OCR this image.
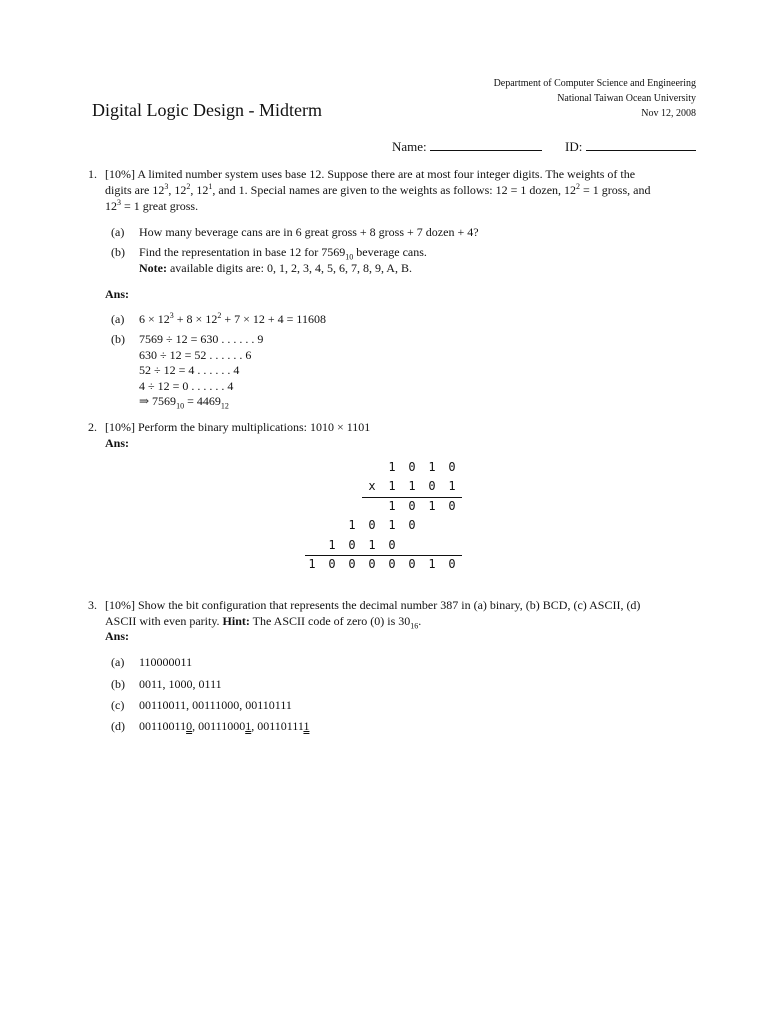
Department of Computer Science and Engineering
National Taiwan Ocean University
Nov 12, 2008
Digital Logic Design - Midterm
Name:	ID:
1. [10%] A limited number system uses base 12. Suppose there are at most four integer digits. The weights of the
digits are $12^3$, $12^2$, $12^1$, and 1. Special names are given to the weights as follows: 12 = 1 dozen, $12^2 = 1$ gross, and
$12^3 = 1$ great gross.
(a) How many beverage cans are in 6 great gross + 8 gross + 7 dozen + 4?
(b) Find the representation in base 12 for $7569_{10}$ beverage cans.
Note: available digits are: 0, 1, 2, 3, 4, 5, 6, 7, 8, 9, A, B.
Ans:
(a) $6 \times 12^3 + 8 \times 12^2 + 7 \times 12 + 4 = 11608$
(b) 7569 ÷ 12 = 630 . . . . . . 9
630 ÷ 12 = 52 . . . . . . 6
52 ÷ 12 = 4 . . . . . . 4
4 ÷ 12 = 0 . . . . . . 4
⇒ $7569_{10} = 4469_{12}$
2. [10%] Perform the binary multiplications: 1010 × 1101
Ans:
1	0	1	0
x	1	1	0	1
1	0	1	0
1	0	1	0
1	0	1	0
1	0	0	0	0	0	1	0
3. [10%] Show the bit configuration that represents the decimal number 387 in (a) binary, (b) BCD, (c) ASCII, (d)
ASCII with even parity. Hint: The ASCII code of zero (0) is $30_{16}$.
Ans:
(a) 110000011
(b) 0011, 1000, 0111
(c) 00110011, 00111000, 00110111
(d) 001100110, 001110001, 001101111
